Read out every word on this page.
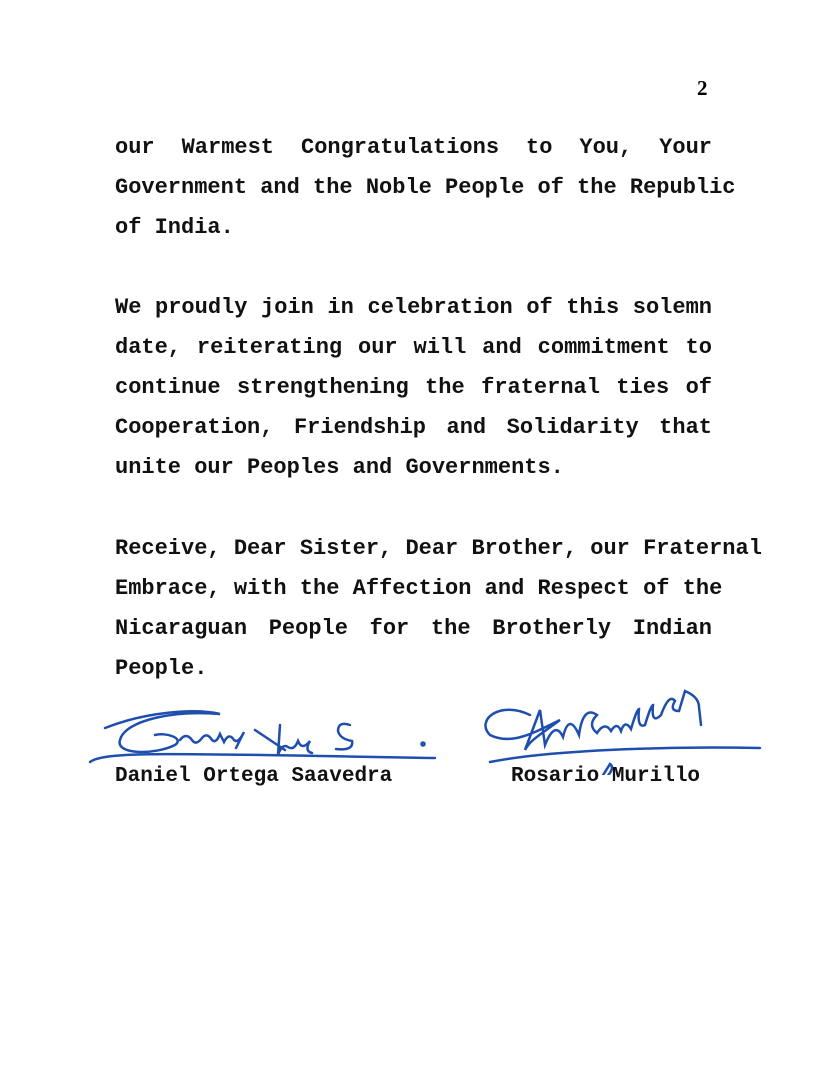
2
our Warmest Congratulations to You, Your
Government and the Noble People of the Republic
of India.
We proudly join in celebration of this solemn
date, reiterating our will and commitment to
continue strengthening the fraternal ties of
Cooperation, Friendship and Solidarity that
unite our Peoples and Governments.
Receive, Dear Sister, Dear Brother, our Fraternal
Embrace, with the Affection and Respect of the
Nicaraguan People for the Brotherly Indian
People.
Daniel Ortega Saavedra	Rosario Murillo
